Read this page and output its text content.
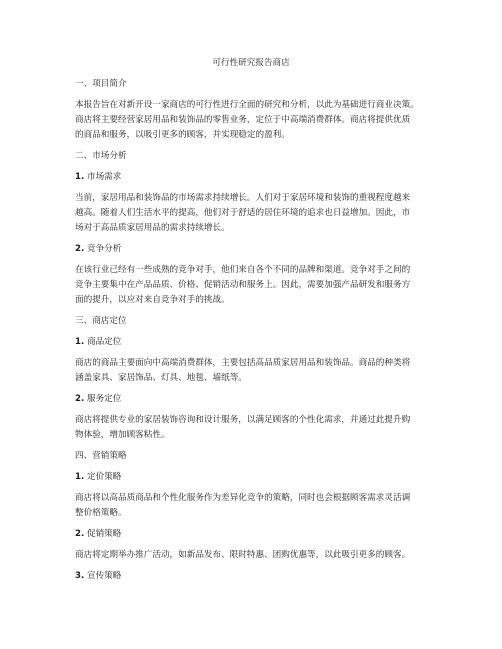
可行性研究报告商店
一、项目简介
本报告旨在对新开设一家商店的可行性进行全面的研究和分析，以此为基础进行商业决策。
商店将主要经营家居用品和装饰品的零售业务，定位于中高端消费群体。商店将提供优质
的商品和服务，以吸引更多的顾客，并实现稳定的盈利。
二、市场分析
1. 市场需求
当前，家居用品和装饰品的市场需求持续增长。人们对于家居环境和装饰的重视程度越来
越高。随着人们生活水平的提高，他们对于舒适的居住环境的追求也日益增加。因此，市
场对于高品质家居用品的需求持续增长。
2. 竞争分析
在该行业已经有一些成熟的竞争对手，他们来自各个不同的品牌和渠道。竞争对手之间的
竞争主要集中在产品品质、价格、促销活动和服务上。因此，需要加强产品研发和服务方
面的提升，以应对来自竞争对手的挑战。
三、商店定位
1. 商品定位
商店的商品主要面向中高端消费群体，主要包括高品质家居用品和装饰品。商品的种类将
涵盖家具、家居饰品、灯具、地毯、墙纸等。
2. 服务定位
商店将提供专业的家居装饰咨询和设计服务，以满足顾客的个性化需求，并通过此提升购
物体验，增加顾客粘性。
四、营销策略
1. 定价策略
商店将以高品质商品和个性化服务作为差异化竞争的策略，同时也会根据顾客需求灵活调
整价格策略。
2. 促销策略
商店将定期举办推广活动，如新品发布、限时特惠、团购优惠等，以此吸引更多的顾客。
3. 宣传策略
